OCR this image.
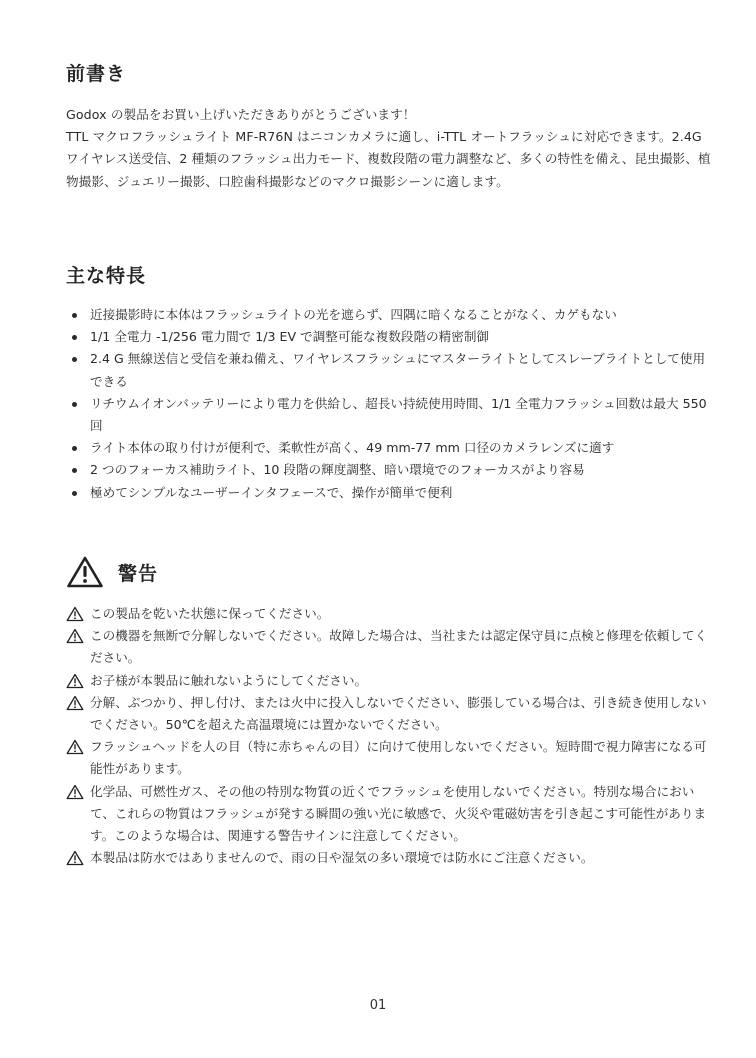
前書き

Godox の製品をお買い上げいただきありがとうございます！

TTL マクロフラッシュライト MF-R76N はニコンカメラに適し、i-TTL オートフラッシュに対応できます。2.4G ワイヤレス送受信、2 種類のフラッシュ出力モード、複数段階の電力調整など、多くの特性を備え、昆虫撮影、植物撮影、ジュエリー撮影、口腔歯科撮影などのマクロ撮影シーンに適します。

主な特長
近接撮影時に本体はフラッシュライトの光を遮らず、四隅に暗くなることがなく、カゲもない
1/1 全電力 -1/256 電力間で 1/3 EV で調整可能な複数段階の精密制御
2.4 G 無線送信と受信を兼ね備え、ワイヤレスフラッシュにマスターライトとしてスレーブライトとして使用できる
リチウムイオンバッテリーにより電力を供給し、超長い持続使用時間、1/1 全電力フラッシュ回数は最大 550 回
ライト本体の取り付けが便利で、柔軟性が高く、49 mm-77 mm 口径のカメラレンズに適す
2 つのフォーカス補助ライト、10 段階の輝度調整、暗い環境でのフォーカスがより容易
極めてシンプルなユーザーインタフェースで、操作が簡単で便利
警告
この製品を乾いた状態に保ってください。
この機器を無断で分解しないでください。故障した場合は、当社または認定保守員に点検と修理を依頼してください。
お子様が本製品に触れないようにしてください。
分解、ぶつかり、押し付け、または火中に投入しないでください、膨張している場合は、引き続き使用しないでください。50℃を超えた高温環境には置かないでください。
フラッシュヘッドを人の目（特に赤ちゃんの目）に向けて使用しないでください。短時間で視力障害になる可能性があります。
化学品、可燃性ガス、その他の特別な物質の近くでフラッシュを使用しないでください。特別な場合において、これらの物質はフラッシュが発する瞬間の強い光に敏感で、火災や電磁妨害を引き起こす可能性があります。このような場合は、関連する警告サインに注意してください。
本製品は防水ではありませんので、雨の日や湿気の多い環境では防水にご注意ください。
01
